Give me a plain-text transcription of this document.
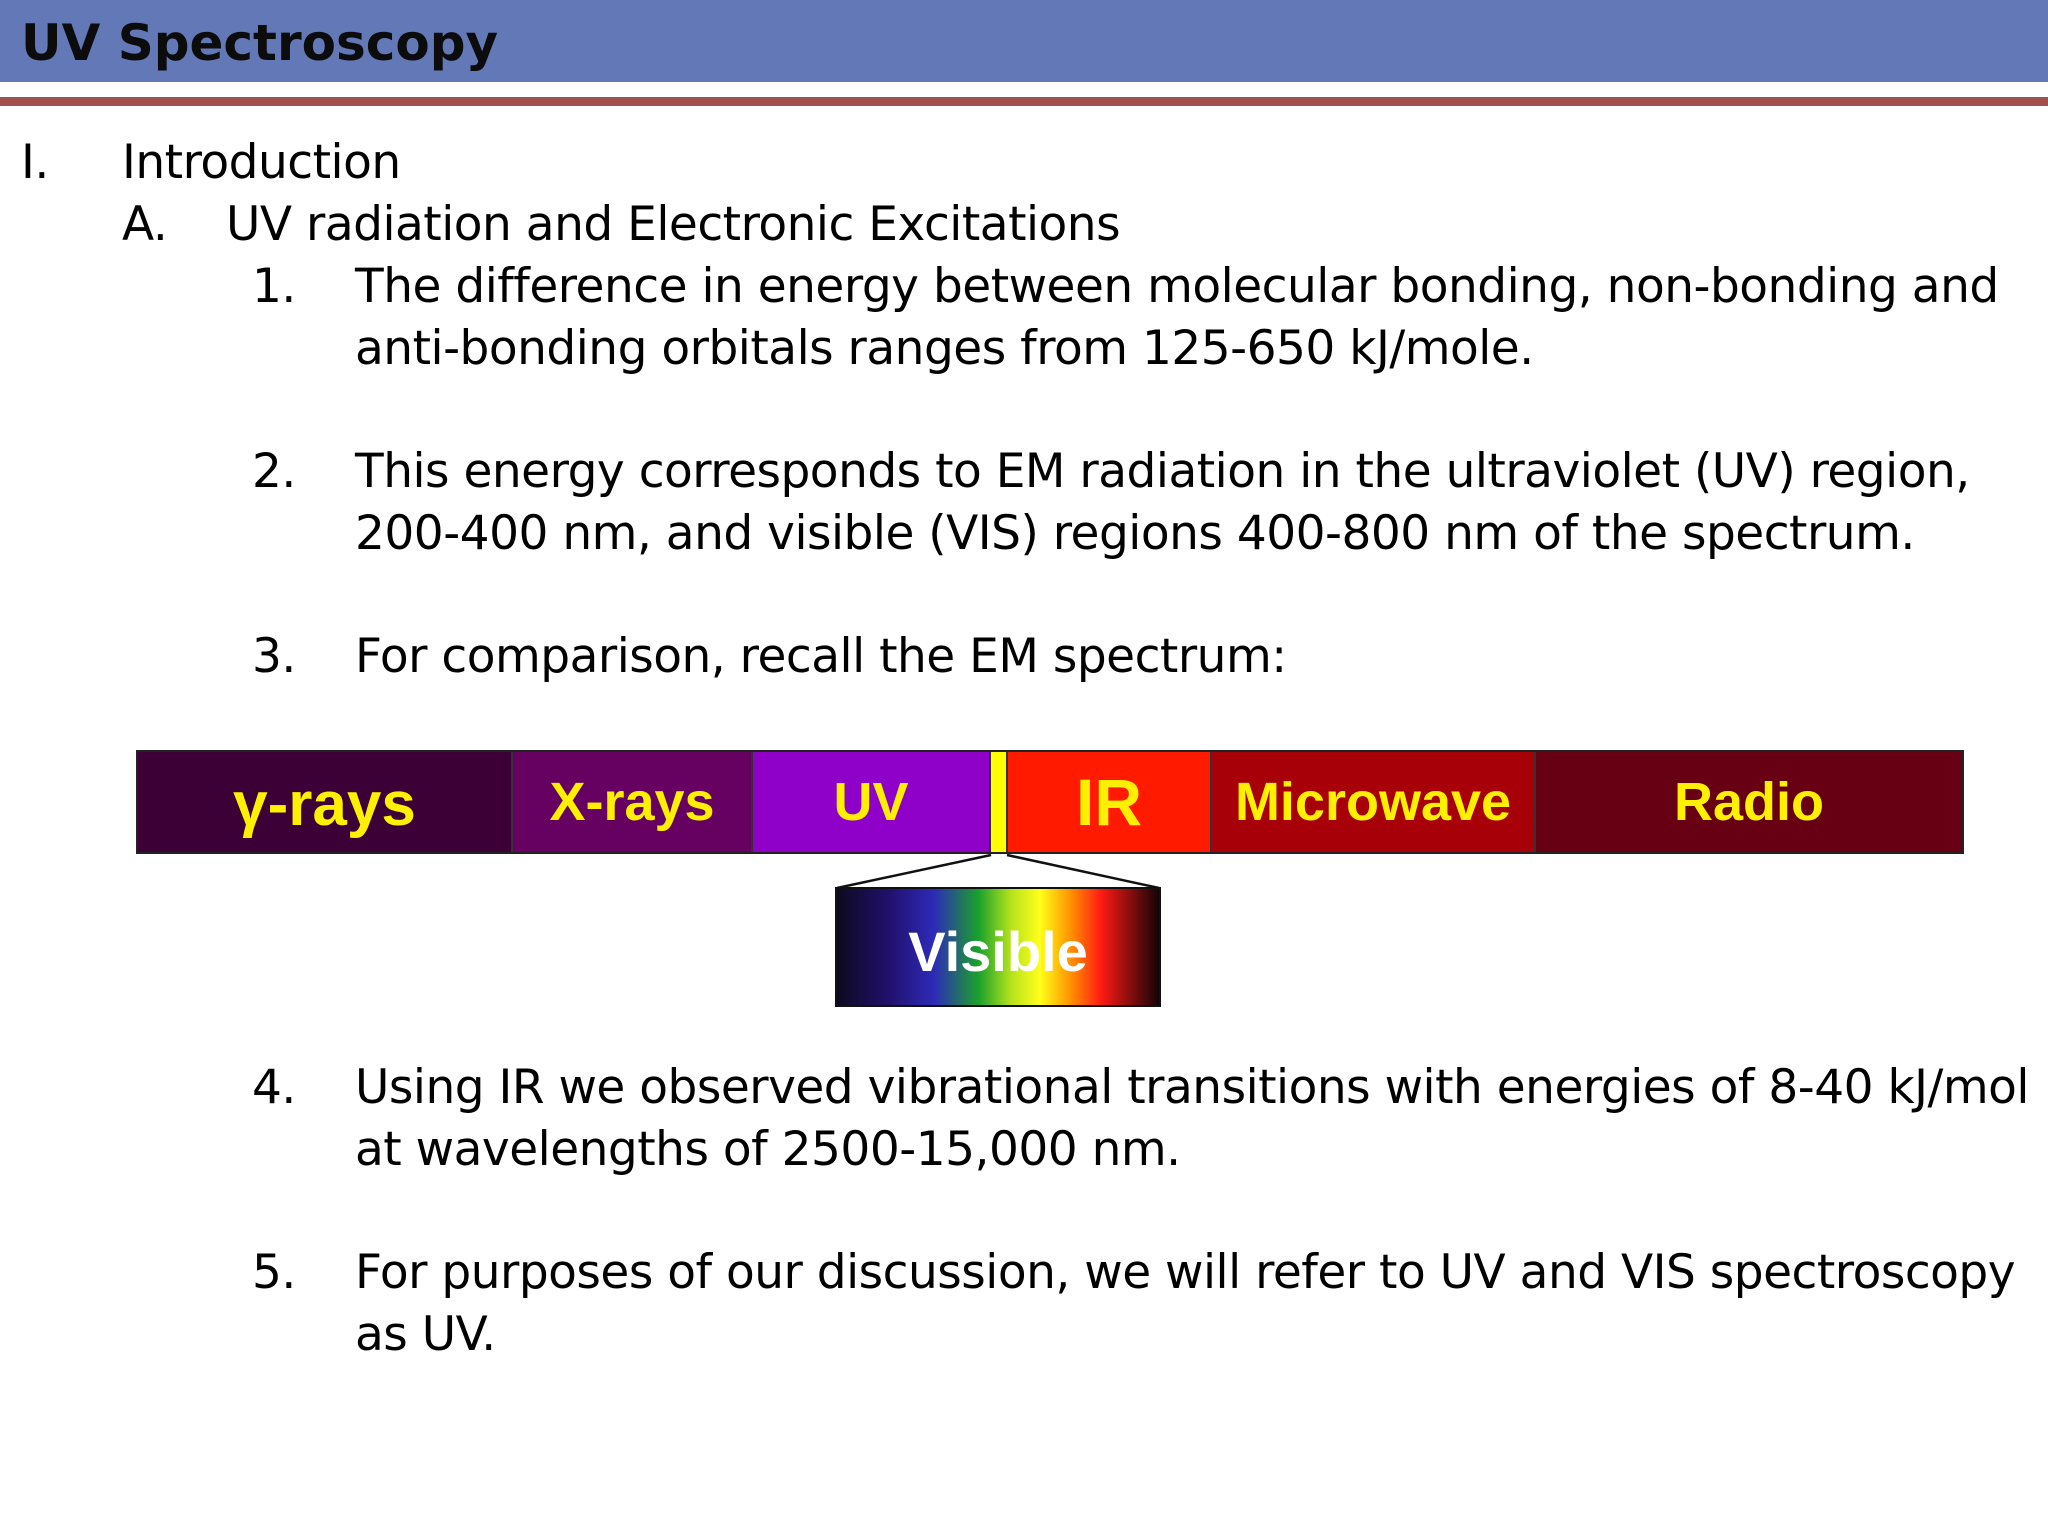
UV Spectroscopy
I. Introduction
A. UV radiation and Electronic Excitations
1. The difference in energy between molecular bonding, non-bonding and
anti-bonding orbitals ranges from 125-650 kJ/mole.
2. This energy corresponds to EM radiation in the ultraviolet (UV) region,
200-400 nm, and visible (VIS) regions 400-800 nm of the spectrum.
3. For comparison, recall the EM spectrum:
γ-rays X-rays UV	IR Microwave	Radio
Visible
4. Using IR we observed vibrational transitions with energies of 8-40 kJ/mol
at wavelengths of 2500-15,000 nm.
5. For purposes of our discussion, we will refer to UV and VIS spectroscopy
as UV.
